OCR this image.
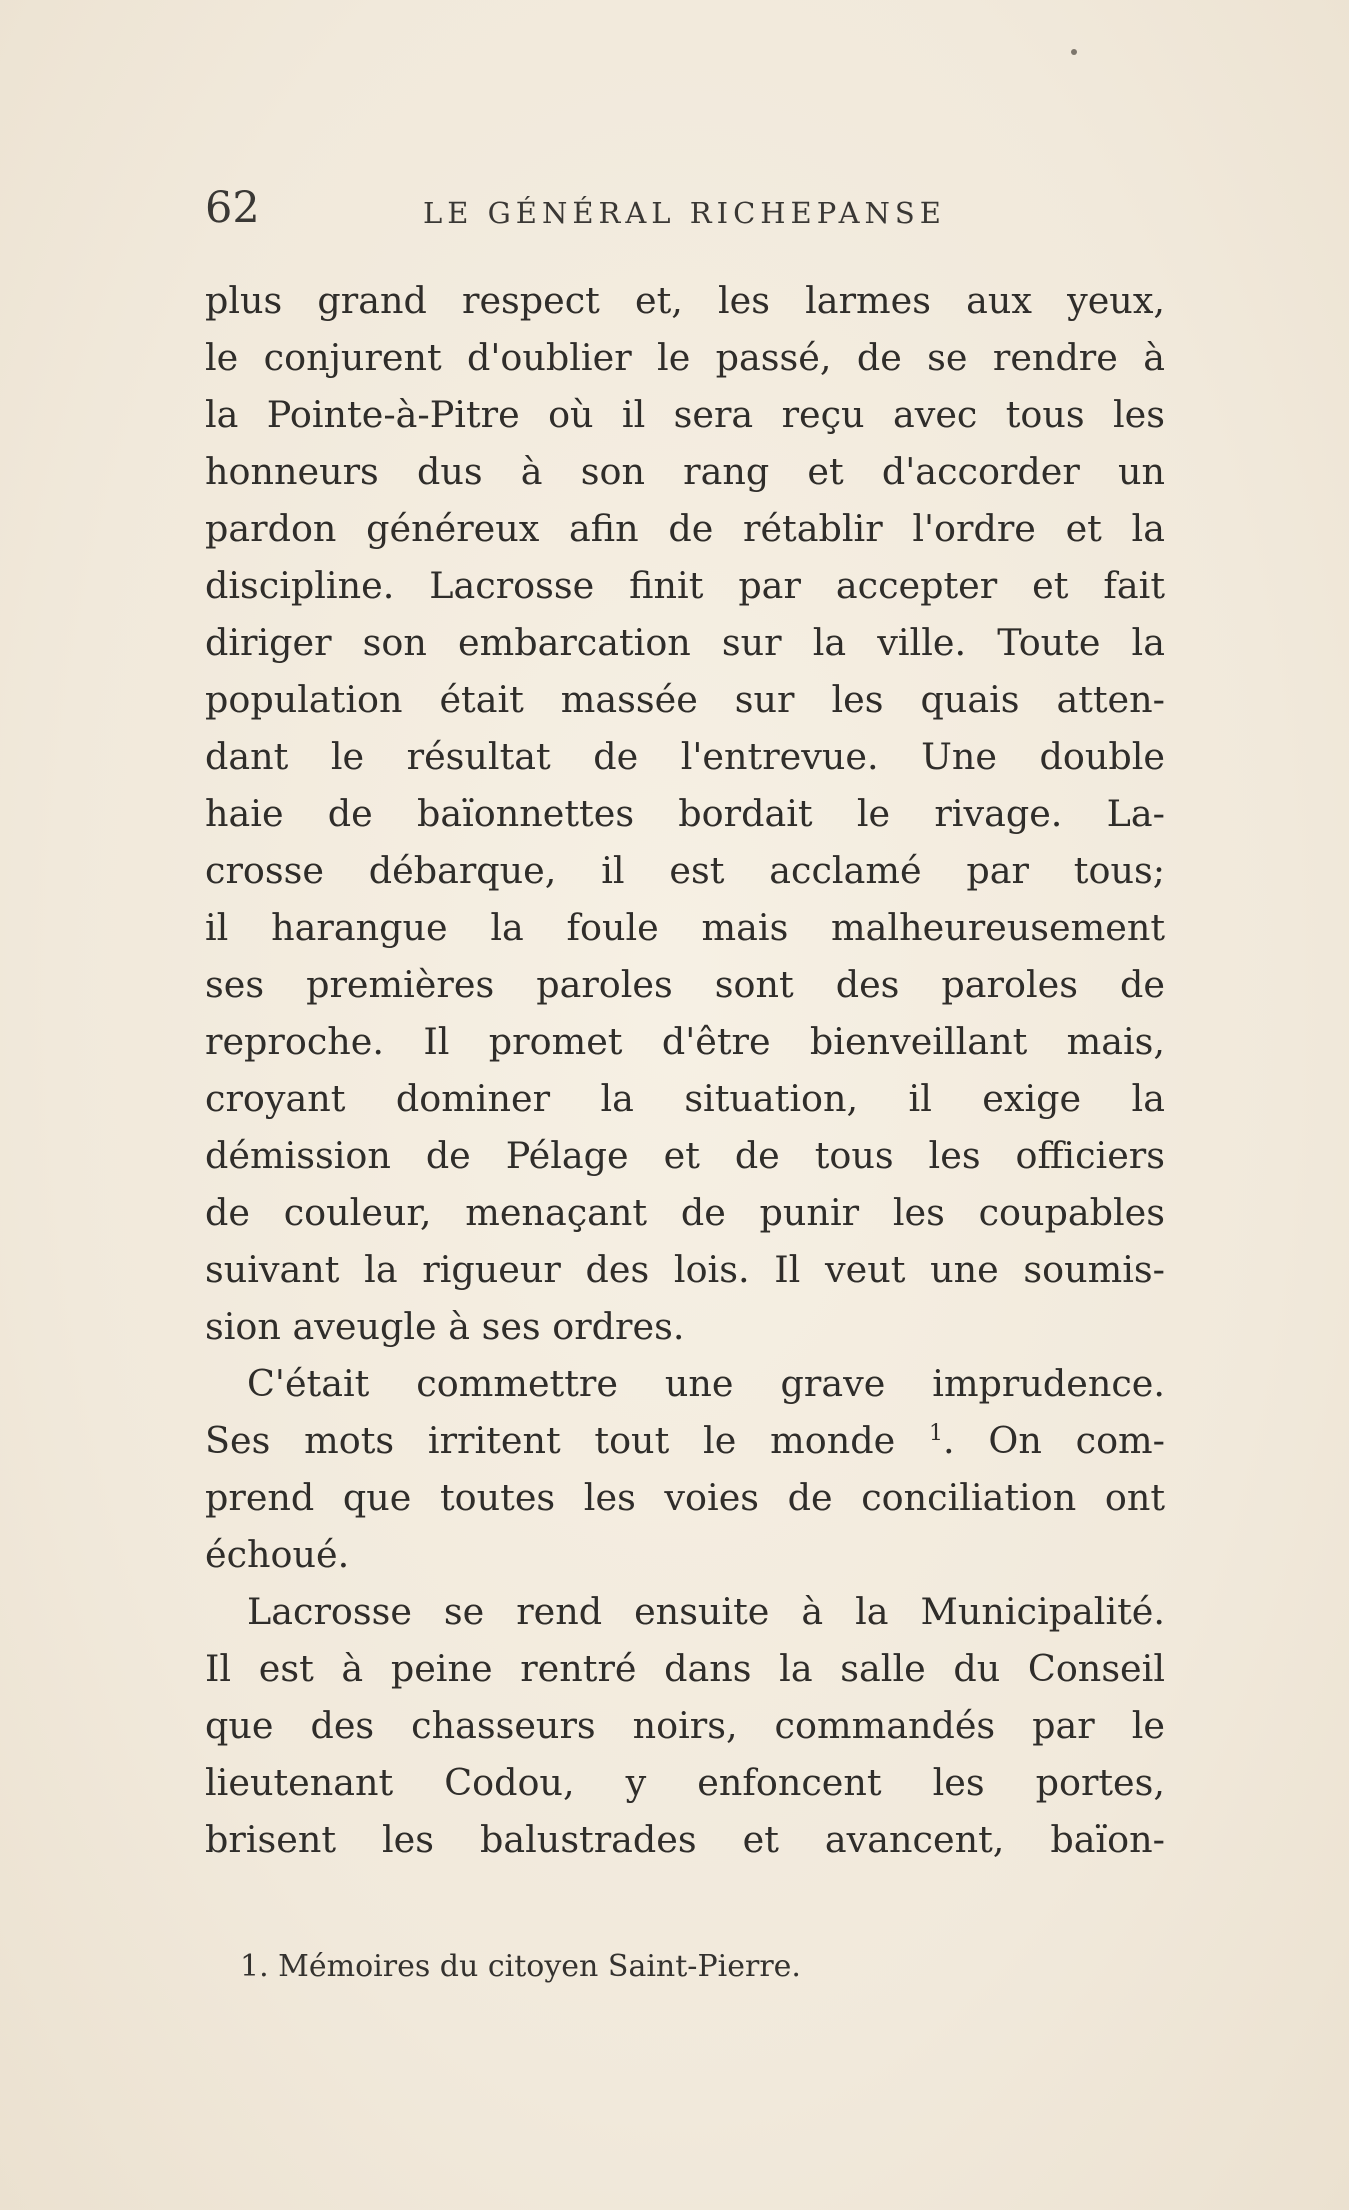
62	LE GÉNÉRAL RICHEPANSE
plus grand respect et, les larmes aux yeux,
le conjurent d'oublier le passé, de se rendre à
la Pointe-à-Pitre où il sera reçu avec tous les
honneurs dus à son rang et d'accorder un
pardon généreux afin de rétablir l'ordre et la
discipline. Lacrosse finit par accepter et fait
diriger son embarcation sur la ville. Toute la
population était massée sur les quais atten-
dant le résultat de l'entrevue. Une double
haie de baïonnettes bordait le rivage. La-
crosse débarque, il est acclamé par tous;
il harangue la foule mais malheureusement
ses premières paroles sont des paroles de
reproche. Il promet d'être bienveillant mais,
croyant dominer la situation, il exige la
démission de Pélage et de tous les officiers
de couleur, menaçant de punir les coupables
suivant la rigueur des lois. Il veut une soumis-
sion aveugle à ses ordres.
C'était commettre une grave imprudence.
Ses mots irritent tout le monde $^1$. On com-
prend que toutes les voies de conciliation ont
échoué.
Lacrosse se rend ensuite à la Municipalité.
Il est à peine rentré dans la salle du Conseil
que des chasseurs noirs, commandés par le
lieutenant Codou, y enfoncent les portes,
brisent les balustrades et avancent, baïon-
1. Mémoires du citoyen Saint-Pierre.
